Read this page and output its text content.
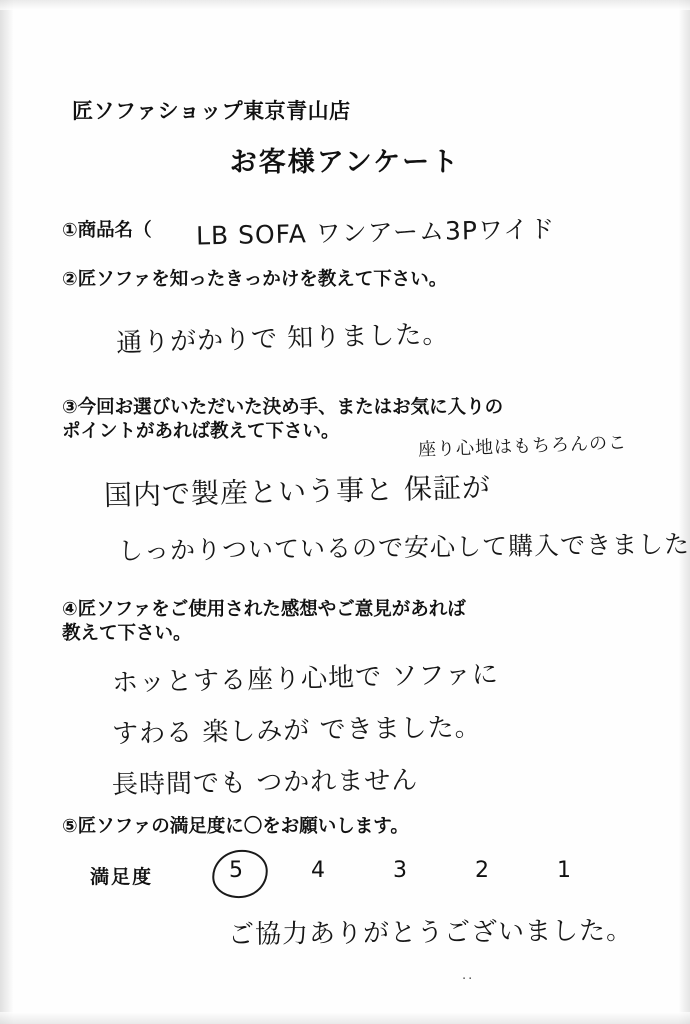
匠ソファショップ東京青山店
お客様アンケート
①商品名（ LB SOFA ワンアーム3Pワイド
②匠ソファを知ったきっかけを教えて下さい。
通りがかりで 知りました。
③今回お選びいただいた決め手、またはお気に入りの
ポイントがあれば教えて下さい。
座り心地はもちろんのこ
国内で製産という事と 保証が
しっかりついているので安心して購入できました
④匠ソファをご使用された感想やご意見があれば
教えて下さい。
ホッとする座り心地で ソファに
すわる 楽しみが できました。
長時間でも つかれません
⑤匠ソファの満足度に〇をお願いします。
満足度	5	4	3	2	1
ご協力ありがとうございました。
..
